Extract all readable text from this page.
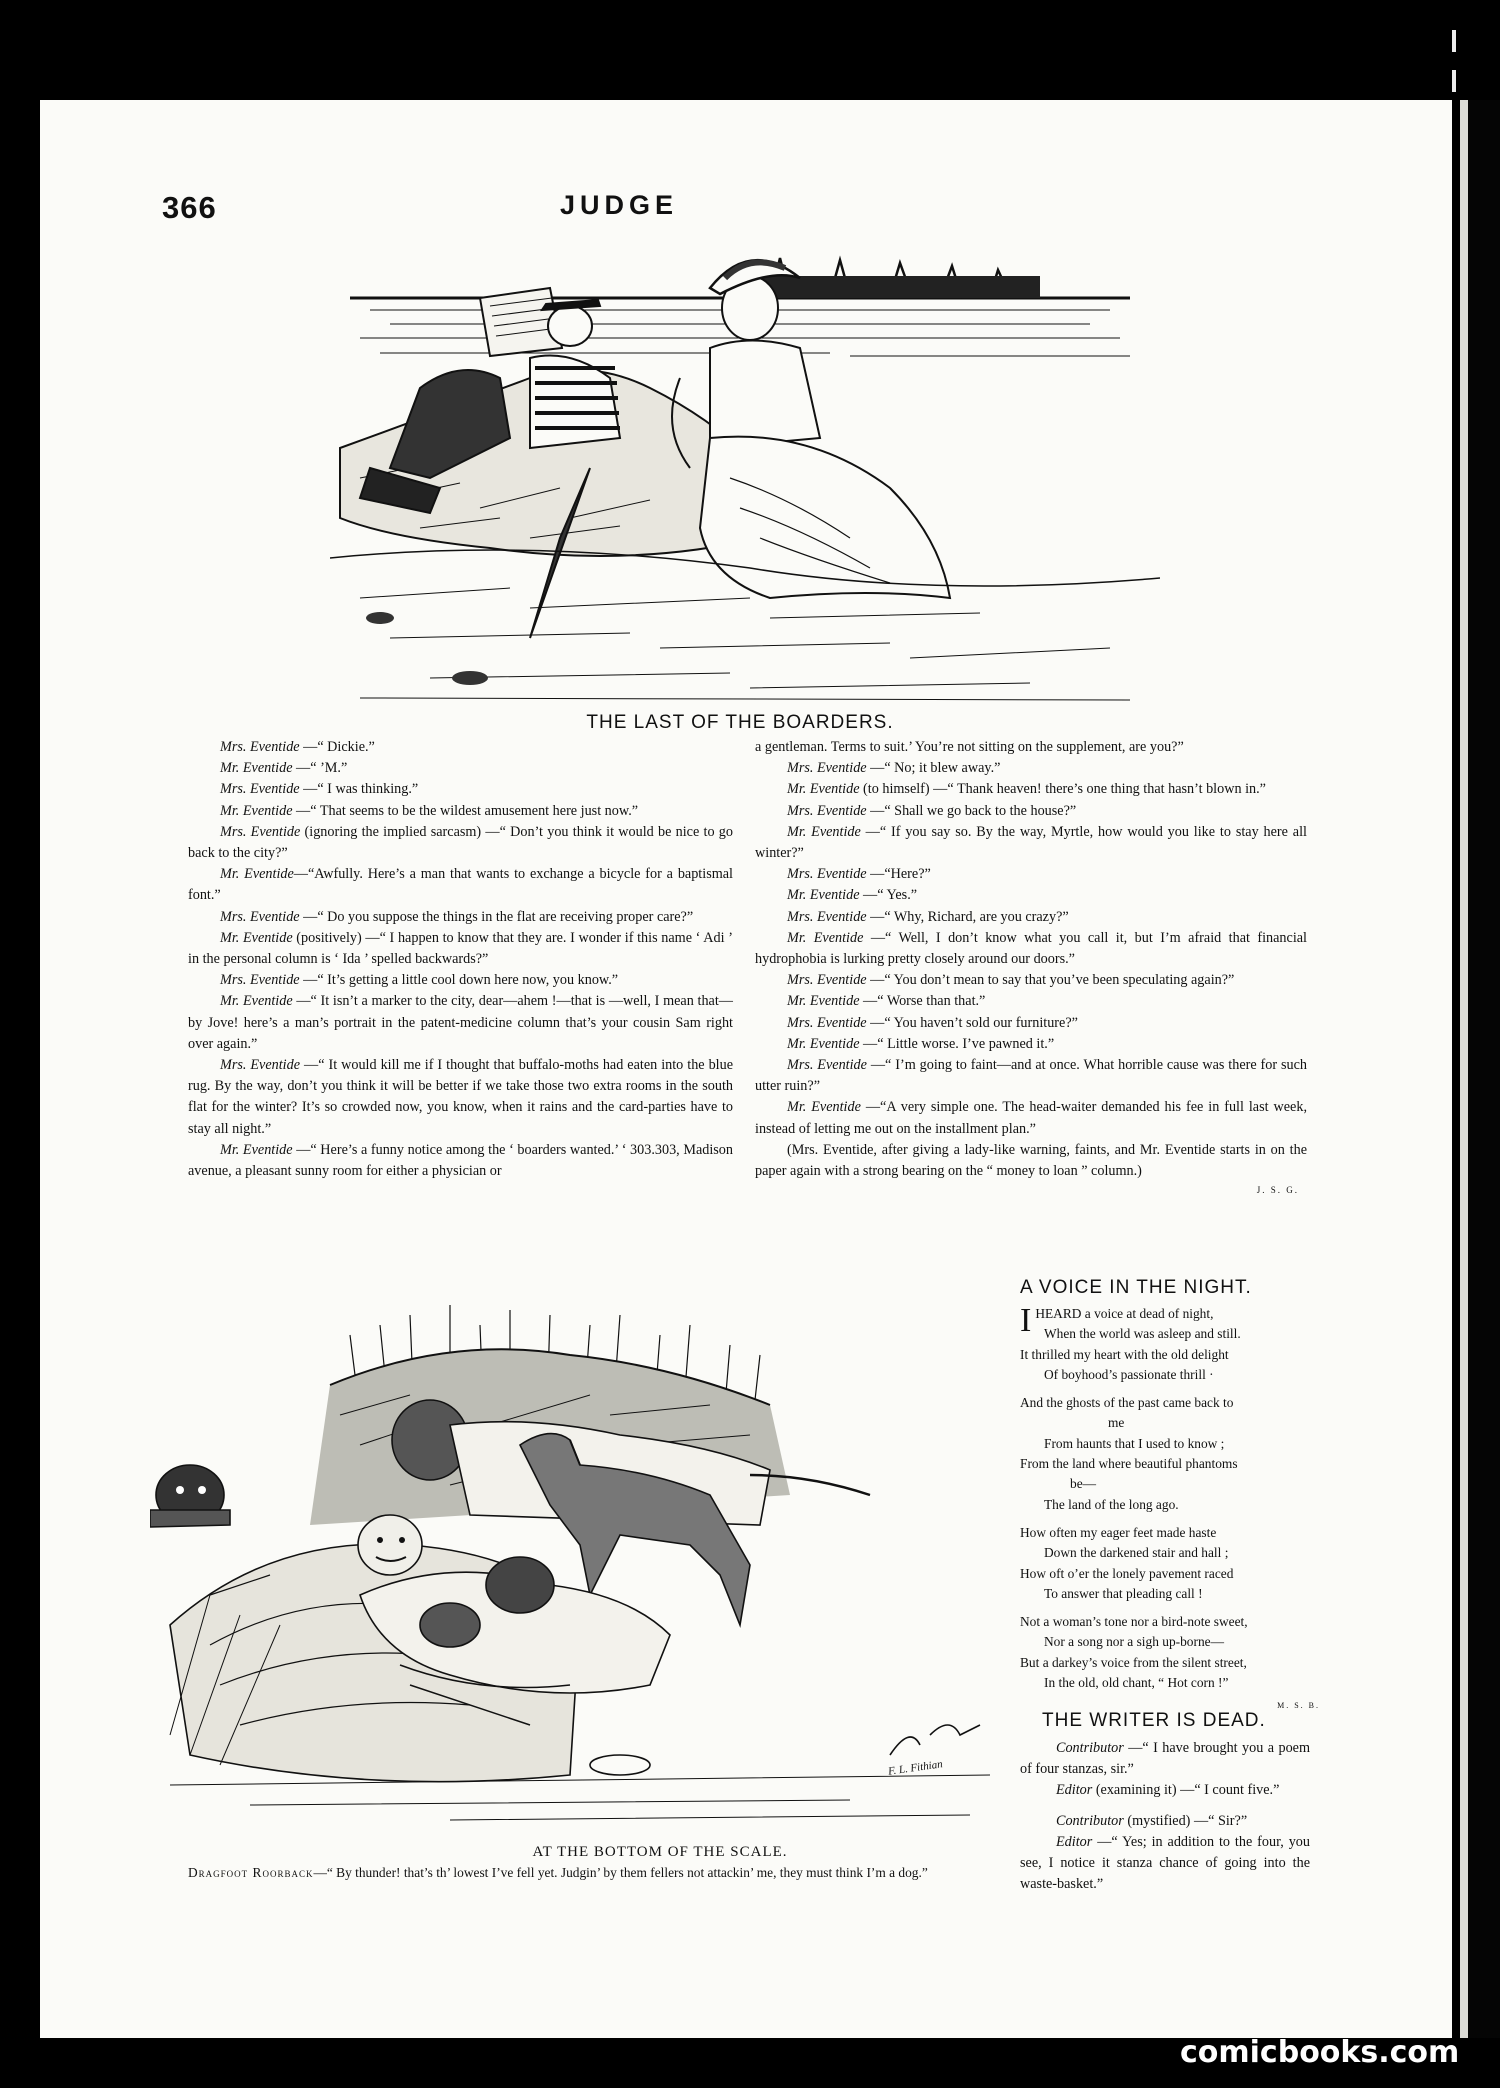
366	JUDGE
THE LAST OF THE BOARDERS.

Mrs. Eventide —“ Dickie.”

Mr. Eventide —“ ’M.”

Mrs. Eventide —“ I was thinking.”

Mr. Eventide —“ That seems to be the wildest amusement here just now.”

Mrs. Eventide (ignoring the implied sarcasm) —“ Don’t you think it would be nice to go back to the city?”

Mr. Eventide—“Awfully. Here’s a man that wants to exchange a bicycle for a baptismal font.”

Mrs. Eventide —“ Do you suppose the things in the flat are receiving proper care?”

Mr. Eventide (positively) —“ I happen to know that they are. I wonder if this name ‘ Adi ’ in the personal column is ‘ Ida ’ spelled backwards?”

Mrs. Eventide —“ It’s getting a little cool down here now, you know.”

Mr. Eventide —“ It isn’t a marker to the city, dear—ahem !—that is —well, I mean that—by Jove! here’s a man’s portrait in the patent-medicine column that’s your cousin Sam right over again.”

Mrs. Eventide —“ It would kill me if I thought that buffalo-moths had eaten into the blue rug. By the way, don’t you think it will be better if we take those two extra rooms in the south flat for the winter? It’s so crowded now, you know, when it rains and the card-parties have to stay all night.”

Mr. Eventide —“ Here’s a funny notice among the ‘ boarders wanted.’ ‘ 303.303, Madison avenue, a pleasant sunny room for either a physician or

a gentleman. Terms to suit.’ You’re not sitting on the supplement, are you?”

Mrs. Eventide —“ No; it blew away.”

Mr. Eventide (to himself) —“ Thank heaven! there’s one thing that hasn’t blown in.”

Mrs. Eventide —“ Shall we go back to the house?”

Mr. Eventide —“ If you say so. By the way, Myrtle, how would you like to stay here all winter?”

Mrs. Eventide —“Here?”

Mr. Eventide —“ Yes.”

Mrs. Eventide —“ Why, Richard, are you crazy?”

Mr. Eventide —“ Well, I don’t know what you call it, but I’m afraid that financial hydrophobia is lurking pretty closely around our doors.”

Mrs. Eventide —“ You don’t mean to say that you’ve been speculating again?”

Mr. Eventide —“ Worse than that.”

Mrs. Eventide —“ You haven’t sold our furniture?”

Mr. Eventide —“ Little worse. I’ve pawned it.”

Mrs. Eventide —“ I’m going to faint—and at once. What horrible cause was there for such utter ruin?”

Mr. Eventide —“A very simple one. The head-waiter demanded his fee in full last week, instead of letting me out on the installment plan.”

(Mrs. Eventide, after giving a lady-like warning, faints, and Mr. Eventide starts in on the paper again with a strong bearing on the “ money to loan ” column.)

J. S. G.

F. L. Fithian
AT THE BOTTOM OF THE SCALE.
Dragfoot Roorback—“ By thunder! that’s th’ lowest I’ve fell yet. Judgin’ by them fellers not attackin’ me, they must think I’m a dog.”
A VOICE IN THE NIGHT.
IHEARD a voice at dead of night,
When the world was asleep and still.
It thrilled my heart with the old delight
Of boyhood’s passionate thrill ·
And the ghosts of the past came back to
me
From haunts that I used to know ;
From the land where beautiful phantoms
be—
The land of the long ago.
How often my eager feet made haste
Down the darkened stair and hall ;
How oft o’er the lonely pavement raced
To answer that pleading call !
Not a woman’s tone nor a bird-note sweet,
Nor a song nor a sigh up-borne—
But a darkey’s voice from the silent street,
In the old, old chant, “ Hot corn !”
M. S. B.
THE WRITER IS DEAD.

Contributor —“ I have brought you a poem of four stanzas, sir.”

Editor (examining it) —“ I count five.”

Contributor (mystified) —“ Sir?”

Editor —“ Yes; in addition to the four, you see, I notice it stanza chance of going into the waste-basket.”

comicbooks.com
